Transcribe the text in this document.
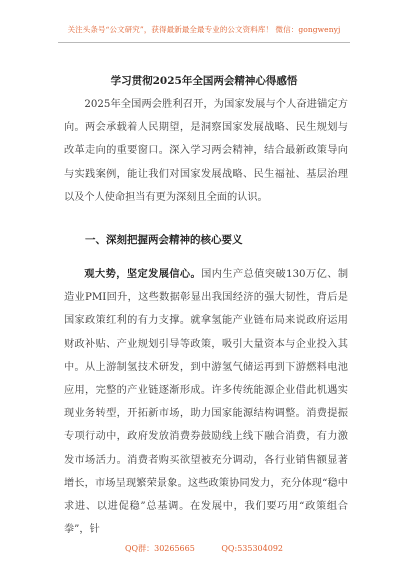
关注头条号“公文研究”，获得最新最全最专业的公文资料库！ 微信：gongwenyj
学习贯彻2025年全国两会精神心得感悟
2025年全国两会胜利召开，为国家发展与个人奋进锚定方向。两会承载着人民期望，是洞察国家发展战略、民生规划与改革走向的重要窗口。深入学习两会精神，结合最新政策导向与实践案例，能让我们对国家发展战略、民生福祉、基层治理以及个人使命担当有更为深刻且全面的认识。
一、深刻把握两会精神的核心要义
观大势，坚定发展信心。国内生产总值突破130万亿、制造业PMI回升，这些数据彰显出我国经济的强大韧性，背后是国家政策红利的有力支撑。就拿氢能产业链布局来说政府运用财政补贴、产业规划引导等政策，吸引大量资本与企业投入其中。从上游制氢技术研发，到中游氢气储运再到下游燃料电池应用，完整的产业链逐渐形成。许多传统能源企业借此机遇实现业务转型，开拓新市场，助力国家能源结构调整。消费提振专项行动中，政府发放消费券鼓励线上线下融合消费，有力激发市场活力。消费者购买欲望被充分调动，各行业销售额显著增长，市场呈现繁荣景象。这些政策协同发力，充分体现“稳中求进、以进促稳”总基调。在发展中，我们要巧用“政策组合拳”，针
QQ群：30265665	QQ:535304092
